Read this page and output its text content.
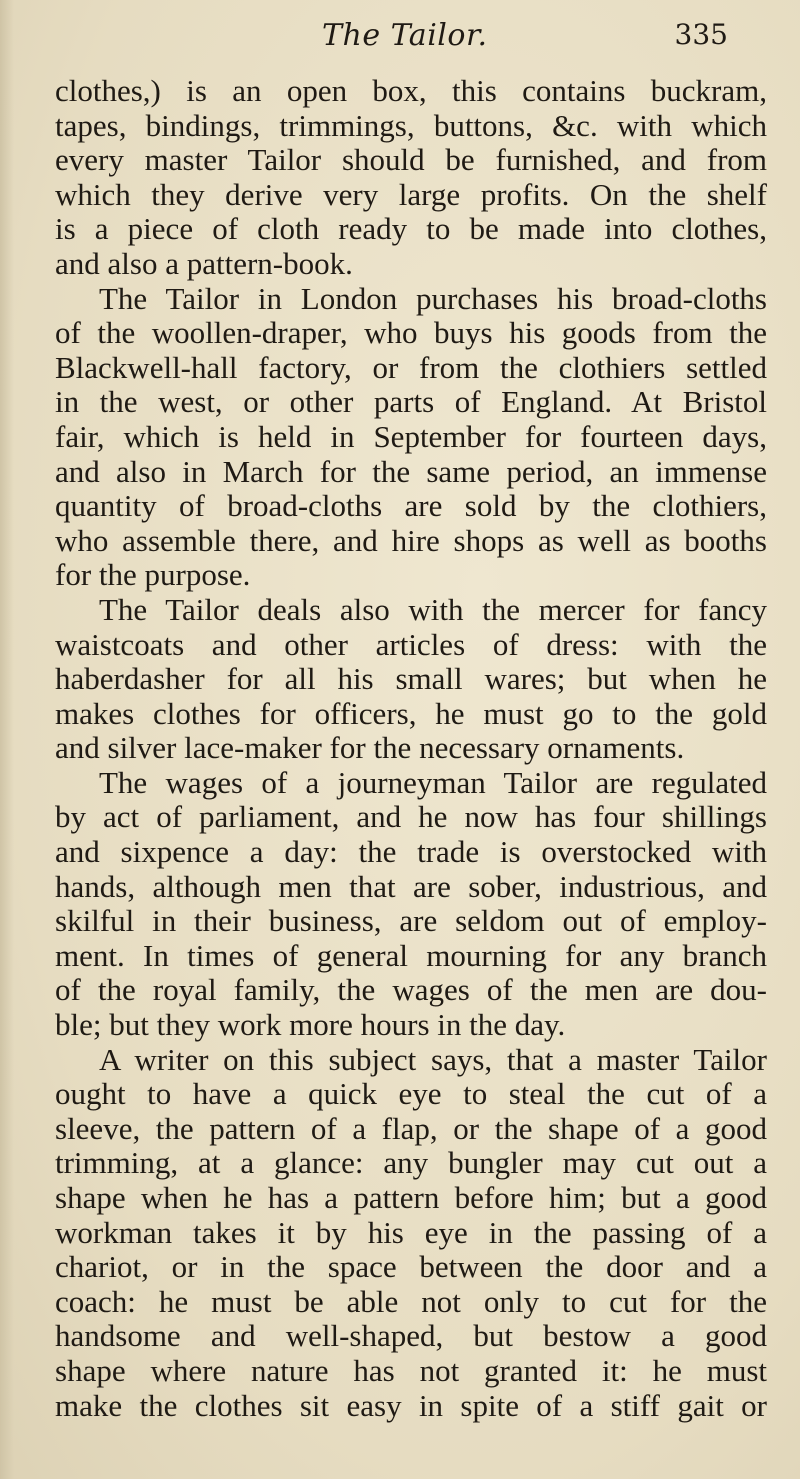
The Tailor.	335
clothes,) is an open box, this contains buckram,
tapes, bindings, trimmings, buttons, &c. with which
every master Tailor should be furnished, and from
which they derive very large profits. On the shelf
is a piece of cloth ready to be made into clothes,
and also a pattern-book.
The Tailor in London purchases his broad-cloths
of the woollen-draper, who buys his goods from the
Blackwell-hall factory, or from the clothiers settled
in the west, or other parts of England. At Bristol
fair, which is held in September for fourteen days,
and also in March for the same period, an immense
quantity of broad-cloths are sold by the clothiers,
who assemble there, and hire shops as well as booths
for the purpose.
The Tailor deals also with the mercer for fancy
waistcoats and other articles of dress: with the
haberdasher for all his small wares; but when he
makes clothes for officers, he must go to the gold
and silver lace-maker for the necessary ornaments.
The wages of a journeyman Tailor are regulated
by act of parliament, and he now has four shillings
and sixpence a day: the trade is overstocked with
hands, although men that are sober, industrious, and
skilful in their business, are seldom out of employ-
ment. In times of general mourning for any branch
of the royal family, the wages of the men are dou-
ble; but they work more hours in the day.
A writer on this subject says, that a master Tailor
ought to have a quick eye to steal the cut of a
sleeve, the pattern of a flap, or the shape of a good
trimming, at a glance: any bungler may cut out a
shape when he has a pattern before him; but a good
workman takes it by his eye in the passing of a
chariot, or in the space between the door and a
coach: he must be able not only to cut for the
handsome and well-shaped, but bestow a good
shape where nature has not granted it: he must
make the clothes sit easy in spite of a stiff gait or
